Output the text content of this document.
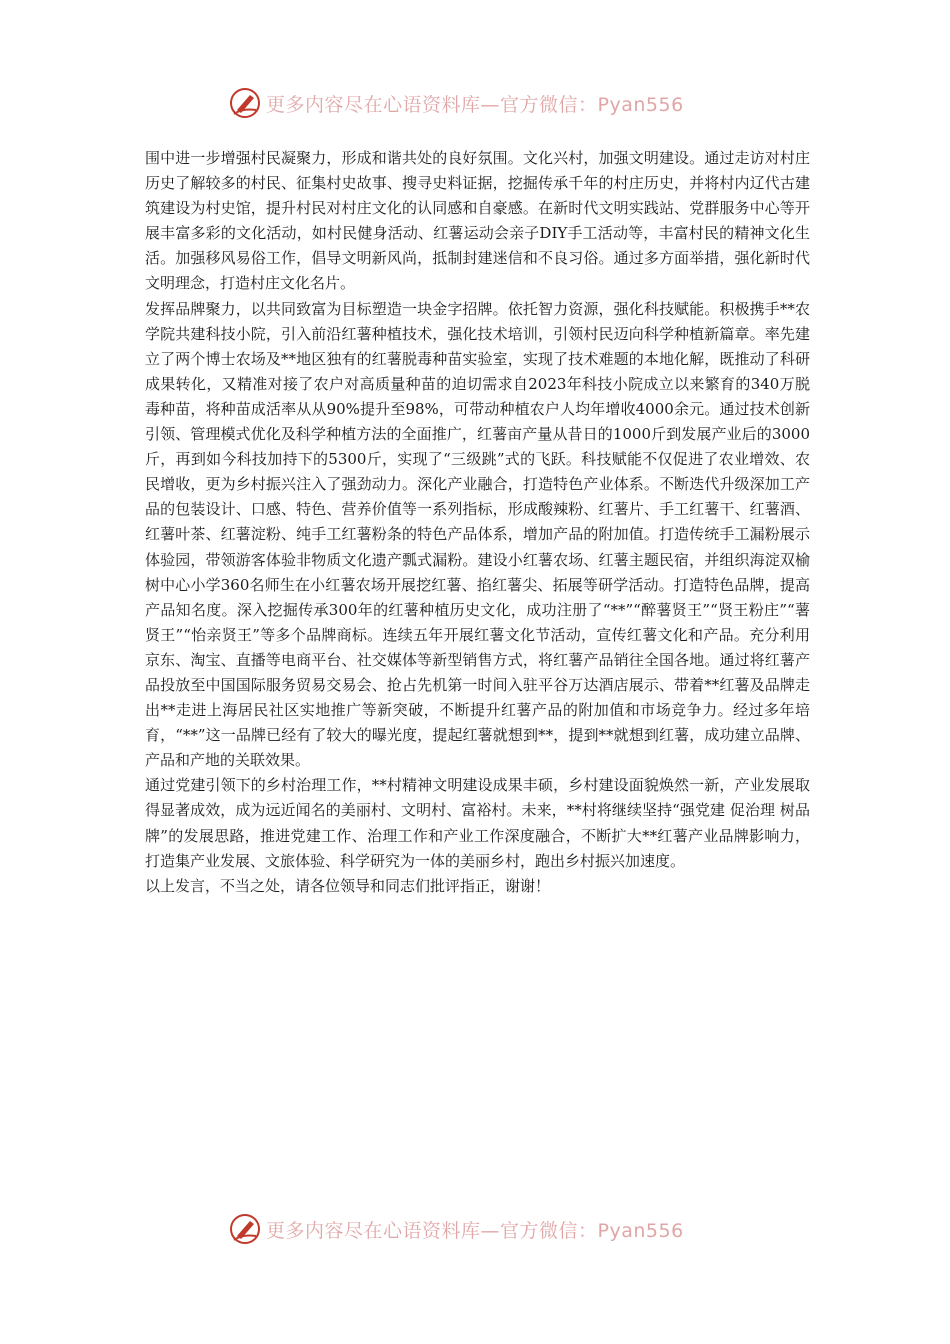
更多内容尽在心语资料库—官方微信：Pyan556

围中进一步增强村民凝聚力，形成和谐共处的良好氛围。文化兴村，加强文明建设。通过走访对村庄历史了解较多的村民、征集村史故事、搜寻史料证据，挖掘传承千年的村庄历史，并将村内辽代古建筑建设为村史馆，提升村民对村庄文化的认同感和自豪感。在新时代文明实践站、党群服务中心等开展丰富多彩的文化活动，如村民健身活动、红薯运动会亲子DIY手工活动等，丰富村民的精神文化生活。加强移风易俗工作，倡导文明新风尚，抵制封建迷信和不良习俗。通过多方面举措，强化新时代文明理念，打造村庄文化名片。

发挥品牌聚力，以共同致富为目标塑造一块金字招牌。依托智力资源，强化科技赋能。积极携手**农学院共建科技小院，引入前沿红薯种植技术，强化技术培训，引领村民迈向科学种植新篇章。率先建立了两个博士农场及**地区独有的红薯脱毒种苗实验室，实现了技术难题的本地化解，既推动了科研成果转化，又精准对接了农户对高质量种苗的迫切需求自2023年科技小院成立以来繁育的340万脱毒种苗，将种苗成活率从从90%提升至98%，可带动种植农户人均年增收4000余元。通过技术创新引领、管理模式优化及科学种植方法的全面推广，红薯亩产量从昔日的1000斤到发展产业后的3000斤，再到如今科技加持下的5300斤，实现了“三级跳”式的飞跃。科技赋能不仅促进了农业增效、农民增收，更为乡村振兴注入了强劲动力。深化产业融合，打造特色产业体系。不断迭代升级深加工产品的包装设计、口感、特色、营养价值等一系列指标，形成酸辣粉、红薯片、手工红薯干、红薯酒、红薯叶茶、红薯淀粉、纯手工红薯粉条的特色产品体系，增加产品的附加值。打造传统手工漏粉展示体验园，带领游客体验非物质文化遗产瓢式漏粉。建设小红薯农场、红薯主题民宿，并组织海淀双榆树中心小学360名师生在小红薯农场开展挖红薯、掐红薯尖、拓展等研学活动。打造特色品牌，提高产品知名度。深入挖掘传承300年的红薯种植历史文化，成功注册了“**”“醉薯贤王”“贤王粉庄”“薯贤王”“怡亲贤王”等多个品牌商标。连续五年开展红薯文化节活动，宣传红薯文化和产品。充分利用京东、淘宝、直播等电商平台、社交媒体等新型销售方式，将红薯产品销往全国各地。通过将红薯产品投放至中国国际服务贸易交易会、抢占先机第一时间入驻平谷万达酒店展示、带着**红薯及品牌走出**走进上海居民社区实地推广等新突破，不断提升红薯产品的附加值和市场竞争力。经过多年培育，“**”这一品牌已经有了较大的曝光度，提起红薯就想到**，提到**就想到红薯，成功建立品牌、产品和产地的关联效果。

通过党建引领下的乡村治理工作，**村精神文明建设成果丰硕，乡村建设面貌焕然一新，产业发展取得显著成效，成为远近闻名的美丽村、文明村、富裕村。未来，**村将继续坚持“强党建 促治理 树品牌”的发展思路，推进党建工作、治理工作和产业工作深度融合，不断扩大**红薯产业品牌影响力，打造集产业发展、文旅体验、科学研究为一体的美丽乡村，跑出乡村振兴加速度。

以上发言，不当之处，请各位领导和同志们批评指正，谢谢！

更多内容尽在心语资料库—官方微信：Pyan556
